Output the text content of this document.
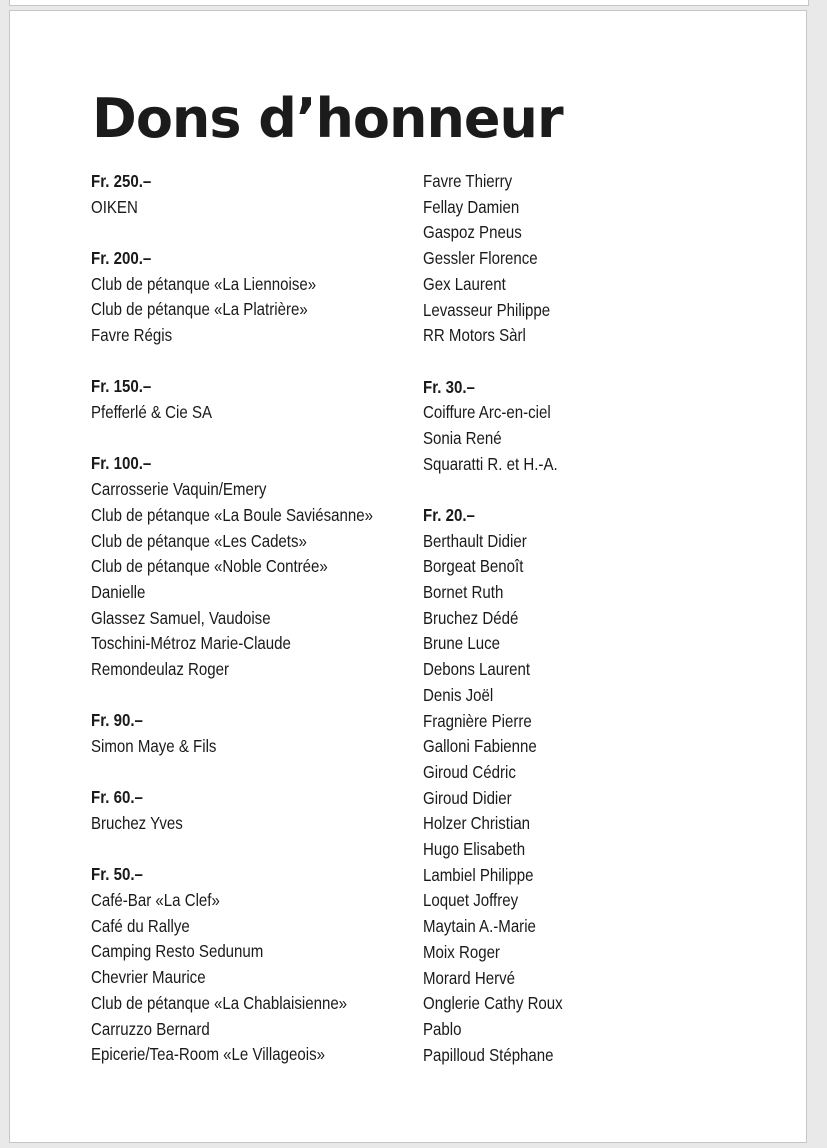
Dons d’honneur
Fr. 250.–
OIKEN
Fr. 200.–
Club de pétanque «La Liennoise»
Club de pétanque «La Platrière»
Favre Régis
Fr. 150.–
Pfefferlé & Cie SA
Fr. 100.–
Carrosserie Vaquin/Emery
Club de pétanque «La Boule Saviésanne»
Club de pétanque «Les Cadets»
Club de pétanque «Noble Contrée»
Danielle
Glassez Samuel, Vaudoise
Toschini-Métroz Marie-Claude
Remondeulaz Roger
Fr. 90.–
Simon Maye & Fils
Fr. 60.–
Bruchez Yves
Fr. 50.–
Café-Bar «La Clef»
Café du Rallye
Camping Resto Sedunum
Chevrier Maurice
Club de pétanque «La Chablaisienne»
Carruzzo Bernard
Epicerie/Tea-Room «Le Villageois»
Favre Thierry
Fellay Damien
Gaspoz Pneus
Gessler Florence
Gex Laurent
Levasseur Philippe
RR Motors Sàrl
Fr. 30.–
Coiffure Arc-en-ciel
Sonia René
Squaratti R. et H.-A.
Fr. 20.–
Berthault Didier
Borgeat Benoît
Bornet Ruth
Bruchez Dédé
Brune Luce
Debons Laurent
Denis Joël
Fragnière Pierre
Galloni Fabienne
Giroud Cédric
Giroud Didier
Holzer Christian
Hugo Elisabeth
Lambiel Philippe
Loquet Joffrey
Maytain A.-Marie
Moix Roger
Morard Hervé
Onglerie Cathy Roux
Pablo
Papilloud Stéphane
